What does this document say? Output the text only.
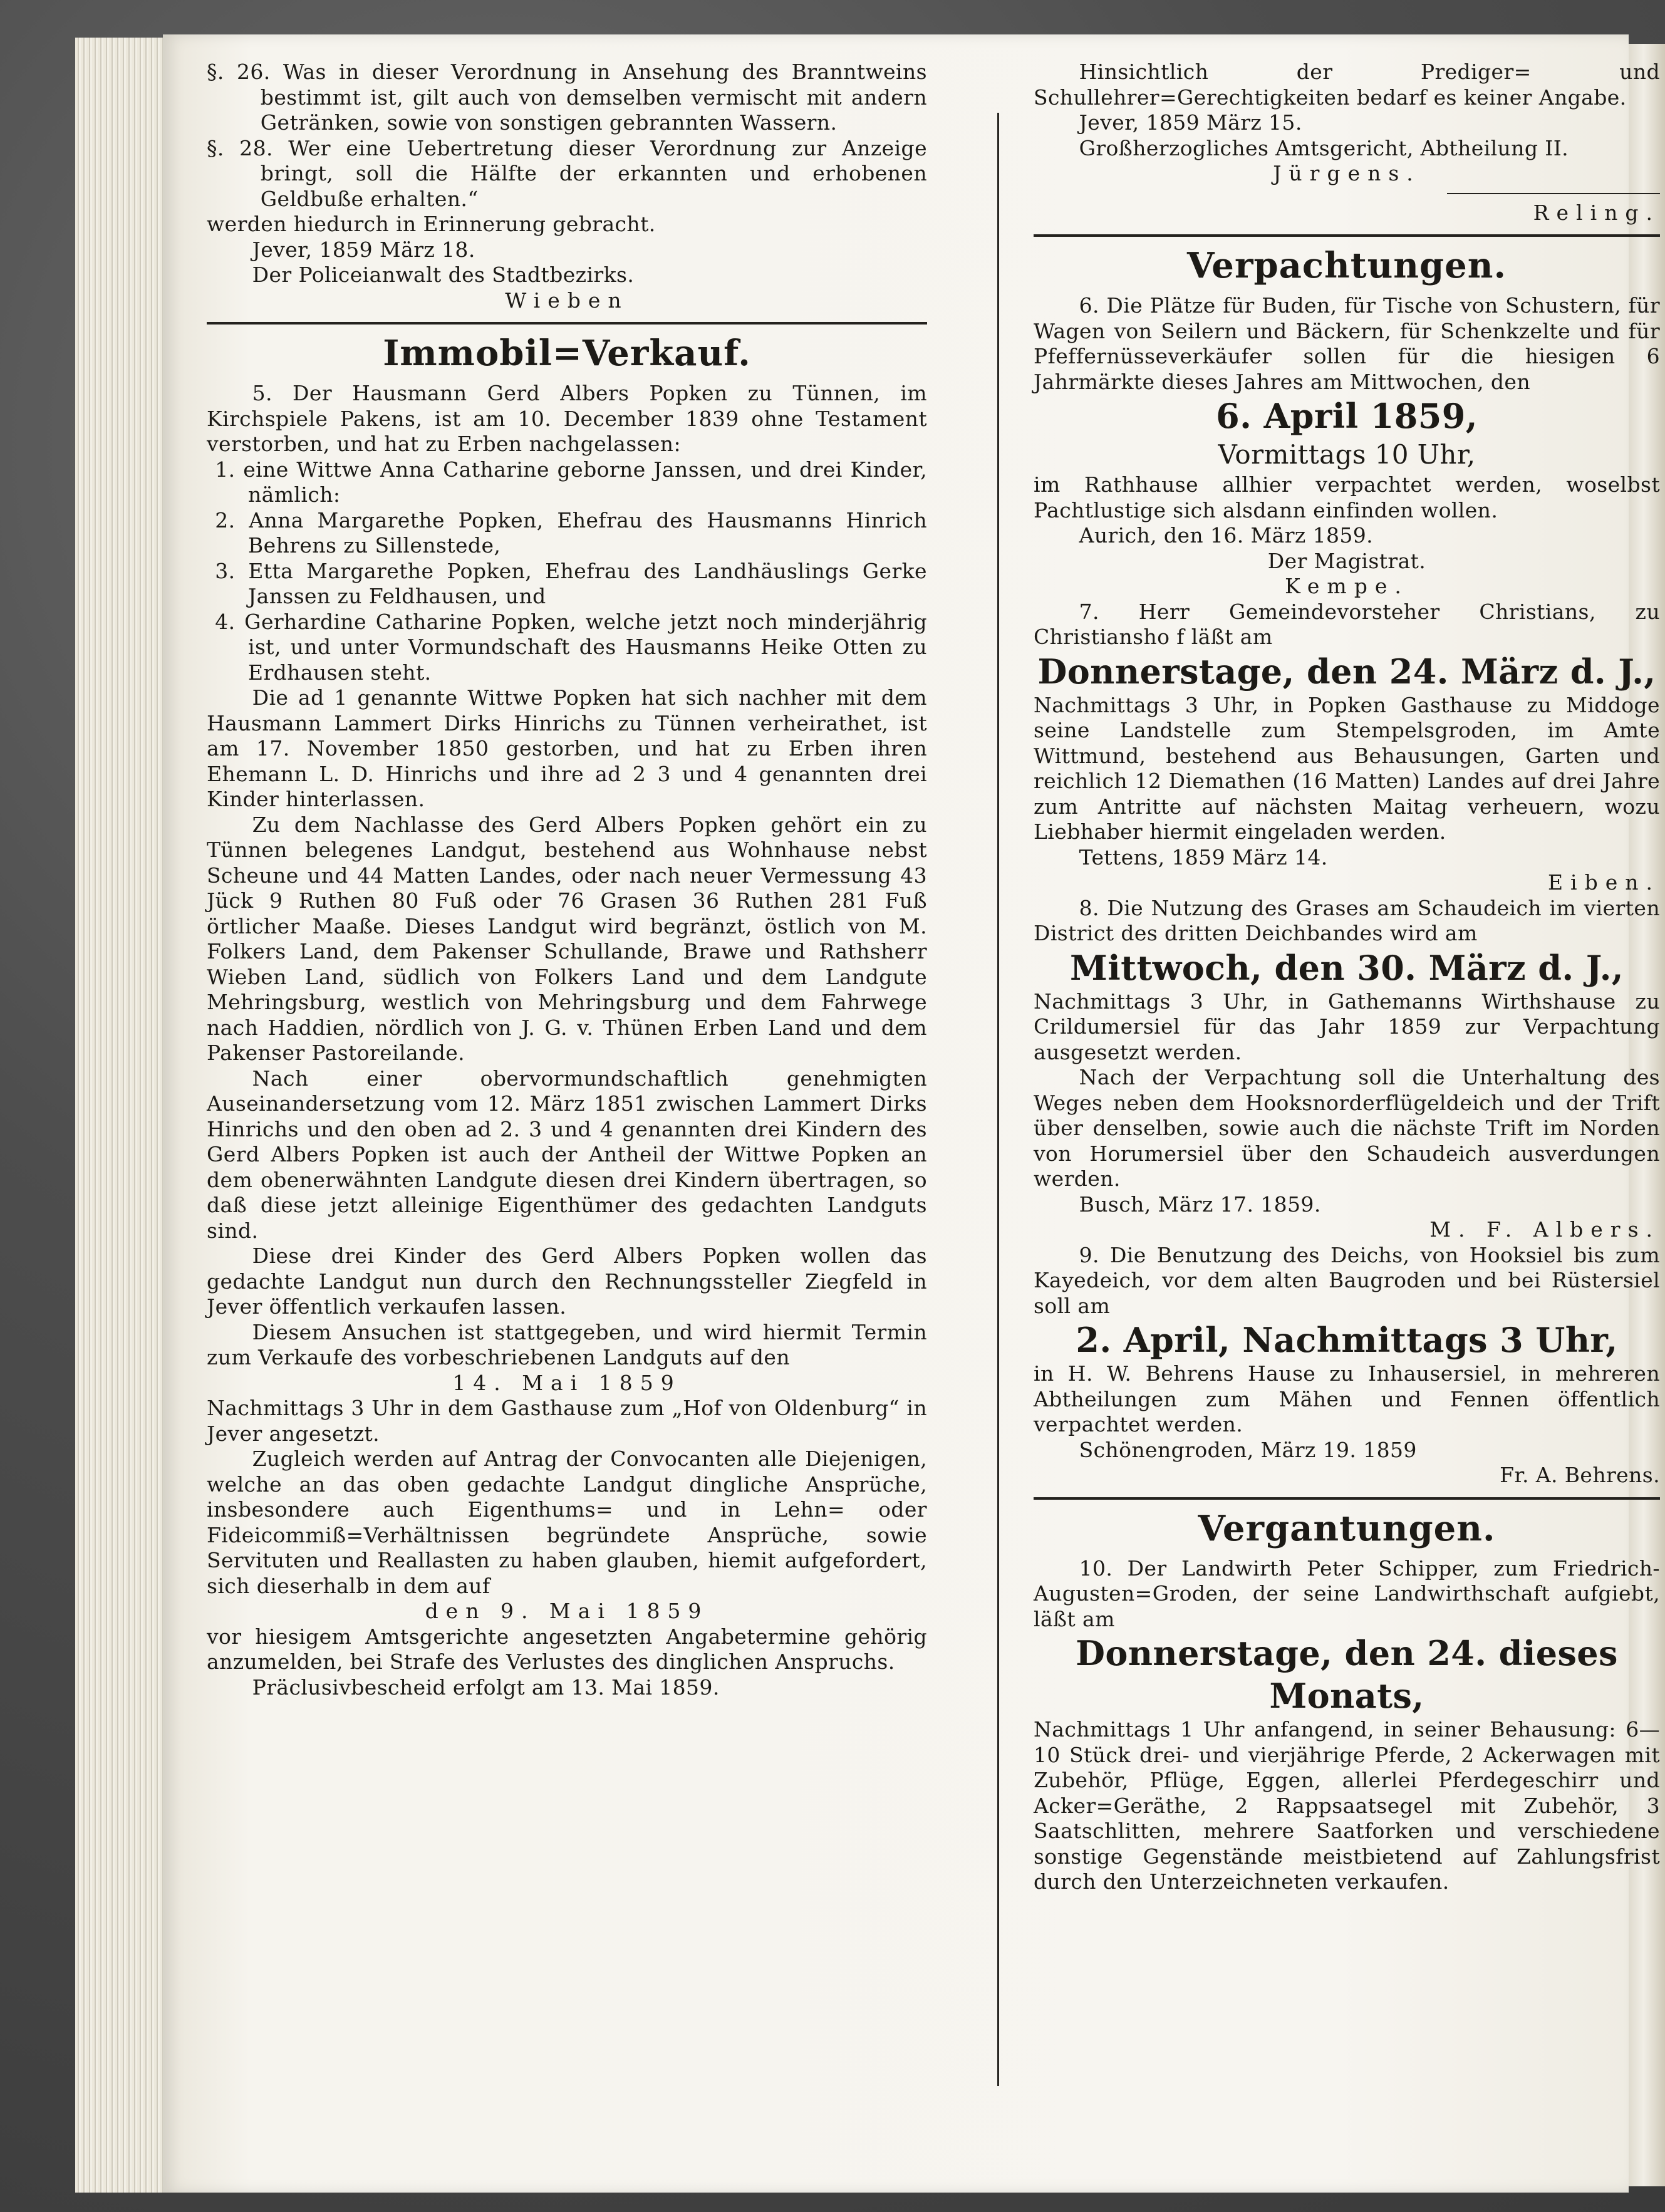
§. 26. Was in dieser Verordnung in Ansehung des Branntweins bestimmt ist, gilt auch von demselben vermischt mit andern Getränken, sowie von sonstigen gebrannten Wassern.

§. 28. Wer eine Uebertretung dieser Verordnung zur Anzeige bringt, soll die Hälfte der erkannten und erhobenen Geldbuße erhalten.“

werden hiedurch in Erinnerung gebracht.

Jever, 1859 März 18.

Der Policeianwalt des Stadtbezirks.

Wieben

Immobil=Verkauf.

5. Der Hausmann Gerd Albers Popken zu Tünnen, im Kirchspiele Pakens, ist am 10. December 1839 ohne Testament verstorben, und hat zu Erben nachgelassen:

1. eine Wittwe Anna Catharine geborne Janssen, und drei Kinder, nämlich:

2. Anna Margarethe Popken, Ehefrau des Hausmanns Hinrich Behrens zu Sillenstede,

3. Etta Margarethe Popken, Ehefrau des Landhäuslings Gerke Janssen zu Feldhausen, und

4. Gerhardine Catharine Popken, welche jetzt noch minderjährig ist, und unter Vormundschaft des Hausmanns Heike Otten zu Erdhausen steht.

Die ad 1 genannte Wittwe Popken hat sich nachher mit dem Hausmann Lammert Dirks Hinrichs zu Tünnen verheirathet, ist am 17. November 1850 gestorben, und hat zu Erben ihren Ehemann L. D. Hinrichs und ihre ad 2 3 und 4 genannten drei Kinder hinterlassen.

Zu dem Nachlasse des Gerd Albers Popken gehört ein zu Tünnen belegenes Landgut, bestehend aus Wohnhause nebst Scheune und 44 Matten Landes, oder nach neuer Vermessung 43 Jück 9 Ruthen 80 Fuß oder 76 Grasen 36 Ruthen 281 Fuß örtlicher Maaße. Dieses Landgut wird begränzt, östlich von M. Folkers Land, dem Pakenser Schullande, Brawe und Rathsherr Wieben Land, südlich von Folkers Land und dem Landgute Mehringsburg, westlich von Mehringsburg und dem Fahrwege nach Haddien, nördlich von J. G. v. Thünen Erben Land und dem Pakenser Pastoreilande.

Nach einer obervormundschaftlich genehmigten Auseinandersetzung vom 12. März 1851 zwischen Lammert Dirks Hinrichs und den oben ad 2. 3 und 4 genannten drei Kindern des Gerd Albers Popken ist auch der Antheil der Wittwe Popken an dem obenerwähnten Landgute diesen drei Kindern übertragen, so daß diese jetzt alleinige Eigenthümer des gedachten Landguts sind.

Diese drei Kinder des Gerd Albers Popken wollen das gedachte Landgut nun durch den Rechnungssteller Ziegfeld in Jever öffentlich verkaufen lassen.

Diesem Ansuchen ist stattgegeben, und wird hiermit Termin zum Verkaufe des vorbeschriebenen Landguts auf den

14. Mai 1859

Nachmittags 3 Uhr in dem Gasthause zum „Hof von Oldenburg“ in Jever angesetzt.

Zugleich werden auf Antrag der Convocanten alle Diejenigen, welche an das oben gedachte Landgut dingliche Ansprüche, insbesondere auch Eigenthums= und in Lehn= oder Fideicommiß=Verhältnissen begründete Ansprüche, sowie Servituten und Reallasten zu haben glauben, hiemit aufgefordert, sich dieserhalb in dem auf

den 9. Mai 1859

vor hiesigem Amtsgerichte angesetzten Angabetermine gehörig anzumelden, bei Strafe des Verlustes des dinglichen Anspruchs.

Präclusivbescheid erfolgt am 13. Mai 1859.

Hinsichtlich der Prediger= und Schullehrer=Gerechtigkeiten bedarf es keiner Angabe.

Jever, 1859 März 15.

Großherzogliches Amtsgericht, Abtheilung II.

Jürgens.

Reling.

Verpachtungen.

6. Die Plätze für Buden, für Tische von Schustern, für Wagen von Seilern und Bäckern, für Schenkzelte und für Pfeffernüsseverkäufer sollen für die hiesigen 6 Jahrmärkte dieses Jahres am Mittwochen, den

6. April 1859,
Vormittags 10 Uhr,

im Rathhause allhier verpachtet werden, woselbst Pachtlustige sich alsdann einfinden wollen.

Aurich, den 16. März 1859.

Der Magistrat.

Kempe.

7. Herr Gemeindevorsteher Christians, zu Christiansho f läßt am

Donnerstage, den 24. März d. J.,

Nachmittags 3 Uhr, in Popken Gasthause zu Middoge seine Landstelle zum Stempelsgroden, im Amte Wittmund, bestehend aus Behausungen, Garten und reichlich 12 Diemathen (16 Matten) Landes auf drei Jahre zum Antritte auf nächsten Maitag verheuern, wozu Liebhaber hiermit eingeladen werden.

Tettens, 1859 März 14.

Eiben.

8. Die Nutzung des Grases am Schaudeich im vierten District des dritten Deichbandes wird am

Mittwoch, den 30. März d. J.,

Nachmittags 3 Uhr, in Gathemanns Wirthshause zu Crildumersiel für das Jahr 1859 zur Verpachtung ausgesetzt werden.

Nach der Verpachtung soll die Unterhaltung des Weges neben dem Hooksnorderflügeldeich und der Trift über denselben, sowie auch die nächste Trift im Norden von Horumersiel über den Schaudeich ausverdungen werden.

Busch, März 17. 1859.

M. F. Albers.

9. Die Benutzung des Deichs, von Hooksiel bis zum Kayedeich, vor dem alten Baugroden und bei Rüstersiel soll am

2. April, Nachmittags 3 Uhr,

in H. W. Behrens Hause zu Inhausersiel, in mehreren Abtheilungen zum Mähen und Fennen öffentlich verpachtet werden.

Schönengroden, März 19. 1859

Fr. A. Behrens.

Vergantungen.

10. Der Landwirth Peter Schipper, zum Friedrich-Augusten=Groden, der seine Landwirthschaft aufgiebt, läßt am

Donnerstage, den 24. dieses Monats,

Nachmittags 1 Uhr anfangend, in seiner Behausung: 6—10 Stück drei- und vierjährige Pferde, 2 Ackerwagen mit Zubehör, Pflüge, Eggen, allerlei Pferdegeschirr und Acker=Geräthe, 2 Rappsaatsegel mit Zubehör, 3 Saatschlitten, mehrere Saatforken und verschiedene sonstige Gegenstände meistbietend auf Zahlungsfrist durch den Unterzeichneten verkaufen.
